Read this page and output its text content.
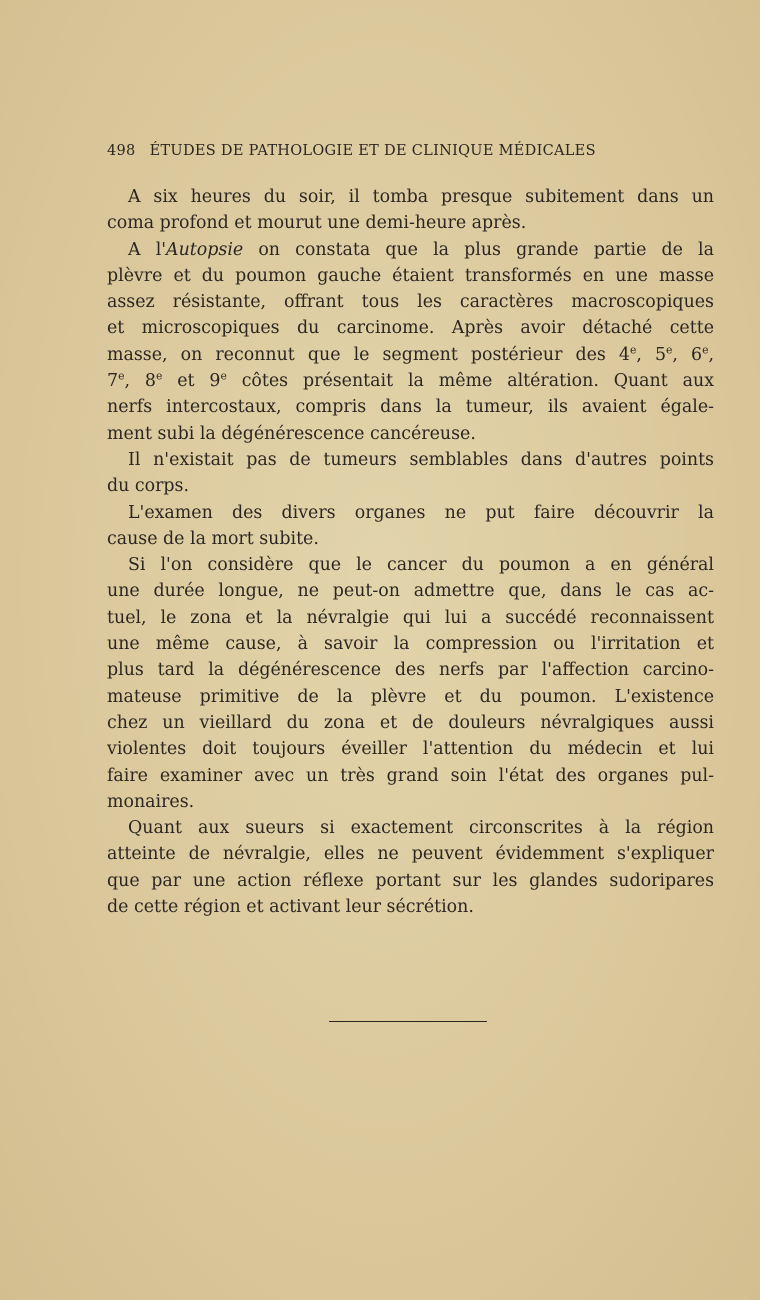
498 ÉTUDES DE PATHOLOGIE ET DE CLINIQUE MÉDICALES
A six heures du soir, il tomba presque subitement dans un
coma profond et mourut une demi-heure après.
A l'Autopsie on constata que la plus grande partie de la
plèvre et du poumon gauche étaient transformés en une masse
assez résistante, offrant tous les caractères macroscopiques
et microscopiques du carcinome. Après avoir détaché cette
masse, on reconnut que le segment postérieur des 4e, 5e, 6e,
7e, 8e et 9e côtes présentait la même altération. Quant aux
nerfs intercostaux, compris dans la tumeur, ils avaient égale-
ment subi la dégénérescence cancéreuse.
Il n'existait pas de tumeurs semblables dans d'autres points
du corps.
L'examen des divers organes ne put faire découvrir la
cause de la mort subite.
Si l'on considère que le cancer du poumon a en général
une durée longue, ne peut-on admettre que, dans le cas ac-
tuel, le zona et la névralgie qui lui a succédé reconnaissent
une même cause, à savoir la compression ou l'irritation et
plus tard la dégénérescence des nerfs par l'affection carcino-
mateuse primitive de la plèvre et du poumon. L'existence
chez un vieillard du zona et de douleurs névralgiques aussi
violentes doit toujours éveiller l'attention du médecin et lui
faire examiner avec un très grand soin l'état des organes pul-
monaires.
Quant aux sueurs si exactement circonscrites à la région
atteinte de névralgie, elles ne peuvent évidemment s'expliquer
que par une action réflexe portant sur les glandes sudoripares
de cette région et activant leur sécrétion.
